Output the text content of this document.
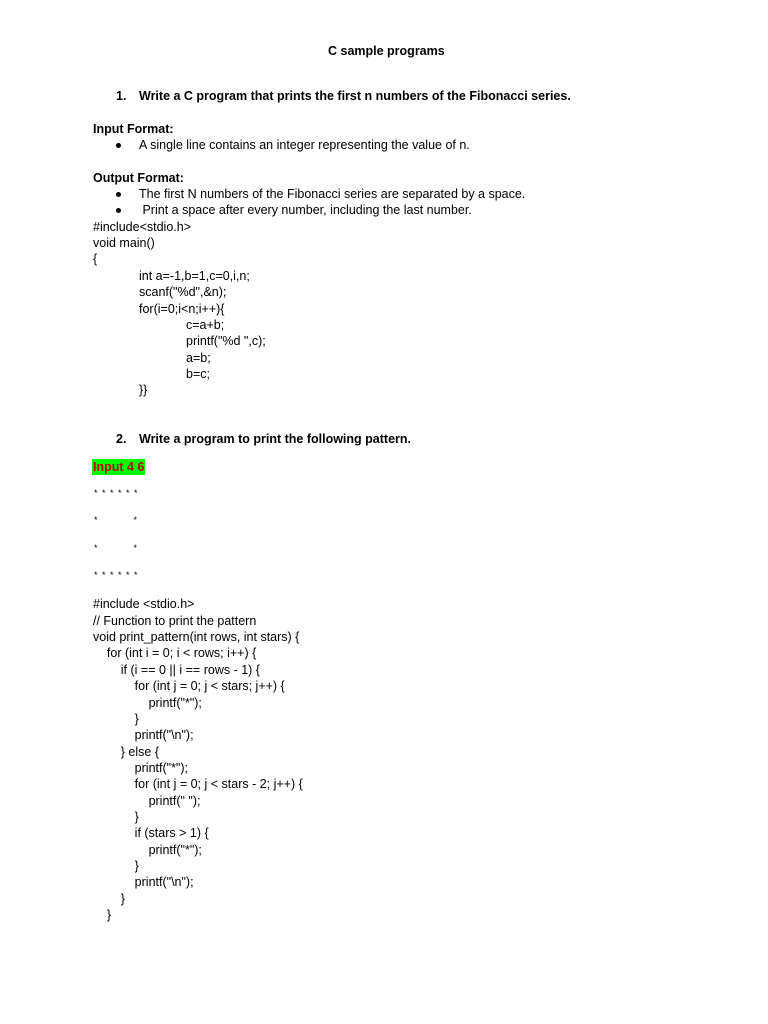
C sample programs
1. Write a C program that prints the first n numbers of the Fibonacci series.
Input Format:
A single line contains an integer representing the value of n.
Output Format:
The first N numbers of the Fibonacci series are separated by a space.
Print a space after every number, including the last number.
#include<stdio.h>
void main()
{
int a=-1,b=1,c=0,i,n;
scanf("%d",&n);
for(i=0;i<n;i++){
c=a+b;
printf("%d ",c);
a=b;
b=c;
}}
2. Write a program to print the following pattern.
Input 4 6
* * * * * *
*          *
*          *
* * * * * *
#include <stdio.h>
// Function to print the pattern
void print_pattern(int rows, int stars) {
for (int i = 0; i < rows; i++) {
if (i == 0 || i == rows - 1) {
for (int j = 0; j < stars; j++) {
printf("*");
}
printf("\n");
} else {
printf("*");
for (int j = 0; j < stars - 2; j++) {
printf(" ");
}
if (stars > 1) {
printf("*");
}
printf("\n");
}
}
